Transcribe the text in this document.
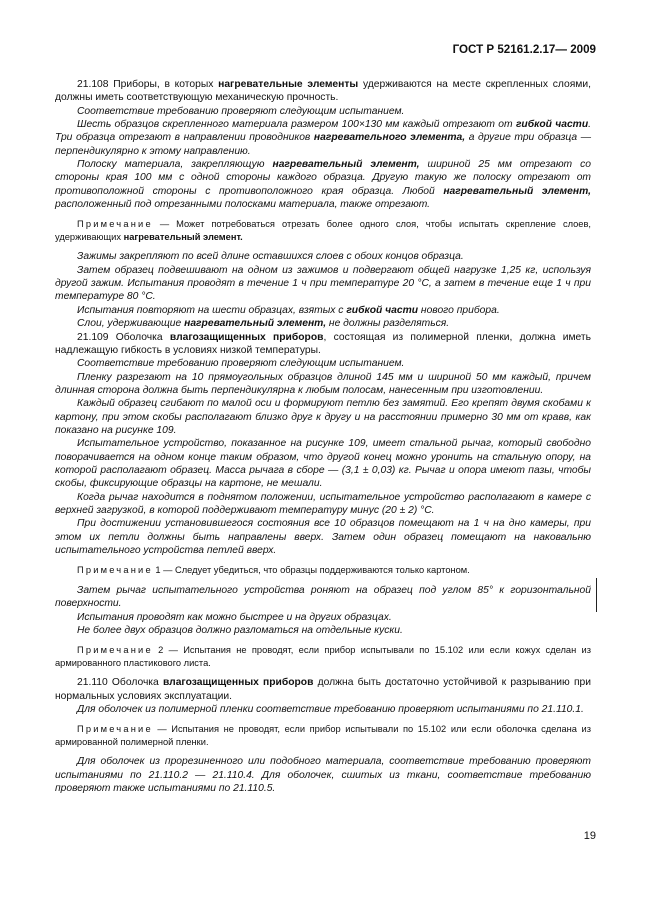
ГОСТ Р 52161.2.17— 2009

21.108 Приборы, в которых нагревательные элементы удерживаются на месте скрепленных слоями, должны иметь соответствующую механическую прочность.

Соответствие требованию проверяют следующим испытанием.

Шесть образцов скрепленного материала размером 100×130 мм каждый отрезают от гибкой части. Три образца отрезают в направлении проводников нагревательного элемента, а другие три образца — перпендикулярно к этому направлению.

Полоску материала, закрепляющую нагревательный элемент, шириной 25 мм отрезают со стороны края 100 мм с одной стороны каждого образца. Другую такую же полоску отрезают от противоположной стороны с противоположного края образца. Любой нагревательный элемент, расположенный под отрезанными полосками материала, также отрезают.

Примечание — Может потребоваться отрезать более одного слоя, чтобы испытать скрепление слоев, удерживающих нагревательный элемент.

Зажимы закрепляют по всей длине оставшихся слоев с обоих концов образца.

Затем образец подвешивают на одном из зажимов и подвергают общей нагрузке 1,25 кг, используя другой зажим. Испытания проводят в течение 1 ч при температуре 20 °С, а затем в течение еще 1 ч при температуре 80 °С.

Испытания повторяют на шести образцах, взятых с гибкой части нового прибора.

Слои, удерживающие нагревательный элемент, не должны разделяться.

21.109 Оболочка влагозащищенных приборов, состоящая из полимерной пленки, должна иметь надлежащую гибкость в условиях низкой температуры.

Соответствие требованию проверяют следующим испытанием.

Пленку разрезают на 10 прямоугольных образцов длиной 145 мм и шириной 50 мм каждый, причем длинная сторона должна быть перпендикулярна к любым полосам, нанесенным при изготовлении.

Каждый образец сгибают по малой оси и формируют петлю без замятий. Его крепят двумя скобами к картону, при этом скобы располагают близко друг к другу и на расстоянии примерно 30 мм от кравв, как показано на рисунке 109.

Испытательное устройство, показанное на рисунке 109, имеет стальной рычаг, который свободно поворачивается на одном конце таким образом, что другой конец можно уронить на стальную опору, на которой располагают образец. Масса рычага в сборе — (3,1 ± 0,03) кг. Рычаг и опора имеют пазы, чтобы скобы, фиксирующие образцы на картоне, не мешали.

Когда рычаг находится в поднятом положении, испытательное устройство располагают в камере с верхней загрузкой, в которой поддерживают температуру минус (20 ± 2) °С.

При достижении установившегося состояния все 10 образцов помещают на 1 ч на дно камеры, при этом их петли должны быть направлены вверх. Затем один образец помещают на наковальню испытательного устройства петлей вверх.

Примечание 1 — Следует убедиться, что образцы поддерживаются только картоном.

Затем рычаг испытательного устройства роняют на образец под углом 85° к горизонтальной поверхности.

Испытания проводят как можно быстрее и на других образцах.

Не более двух образцов должно разломаться на отдельные куски.

Примечание 2 — Испытания не проводят, если прибор испытывали по 15.102 или если кожух сделан из армированного пластикового листа.

21.110 Оболочка влагозащищенных приборов должна быть достаточно устойчивой к разрыванию при нормальных условиях эксплуатации.

Для оболочек из полимерной пленки соответствие требованию проверяют испытаниями по 21.110.1.

Примечание — Испытания не проводят, если прибор испытывали по 15.102 или если оболочка сделана из армированной полимерной пленки.

Для оболочек из прорезиненного или подобного материала, соответствие требованию проверяют испытаниями по 21.110.2 — 21.110.4. Для оболочек, сшитых из ткани, соответствие требованию проверяют также испытаниями по 21.110.5.

19
